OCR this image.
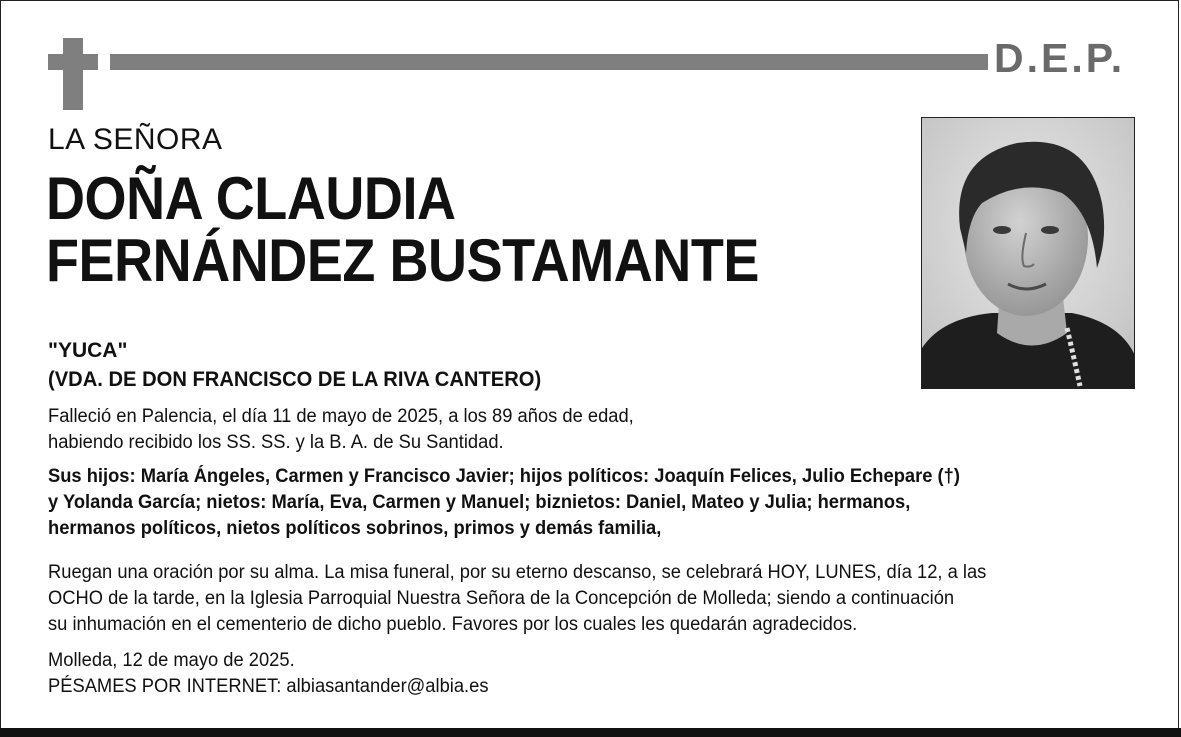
D.E.P.
LA SEÑORA
DOÑA CLAUDIA
FERNÁNDEZ BUSTAMANTE
"YUCA"
(VDA. DE DON FRANCISCO DE LA RIVA CANTERO)
Falleció en Palencia, el día 11 de mayo de 2025, a los 89 años de edad,
habiendo recibido los SS. SS. y la B. A. de Su Santidad.
Sus hijos: María Ángeles, Carmen y Francisco Javier; hijos políticos: Joaquín Felices, Julio Echepare (†)
y Yolanda García; nietos: María, Eva, Carmen y Manuel; biznietos: Daniel, Mateo y Julia; hermanos,
hermanos políticos, nietos políticos sobrinos, primos y demás familia,
Ruegan una oración por su alma. La misa funeral, por su eterno descanso, se celebrará HOY, LUNES, día 12, a las
OCHO de la tarde, en la Iglesia Parroquial Nuestra Señora de la Concepción de Molleda; siendo a continuación
su inhumación en el cementerio de dicho pueblo. Favores por los cuales les quedarán agradecidos.
Molleda, 12 de mayo de 2025.
PÉSAMES POR INTERNET: albiasantander@albia.es
